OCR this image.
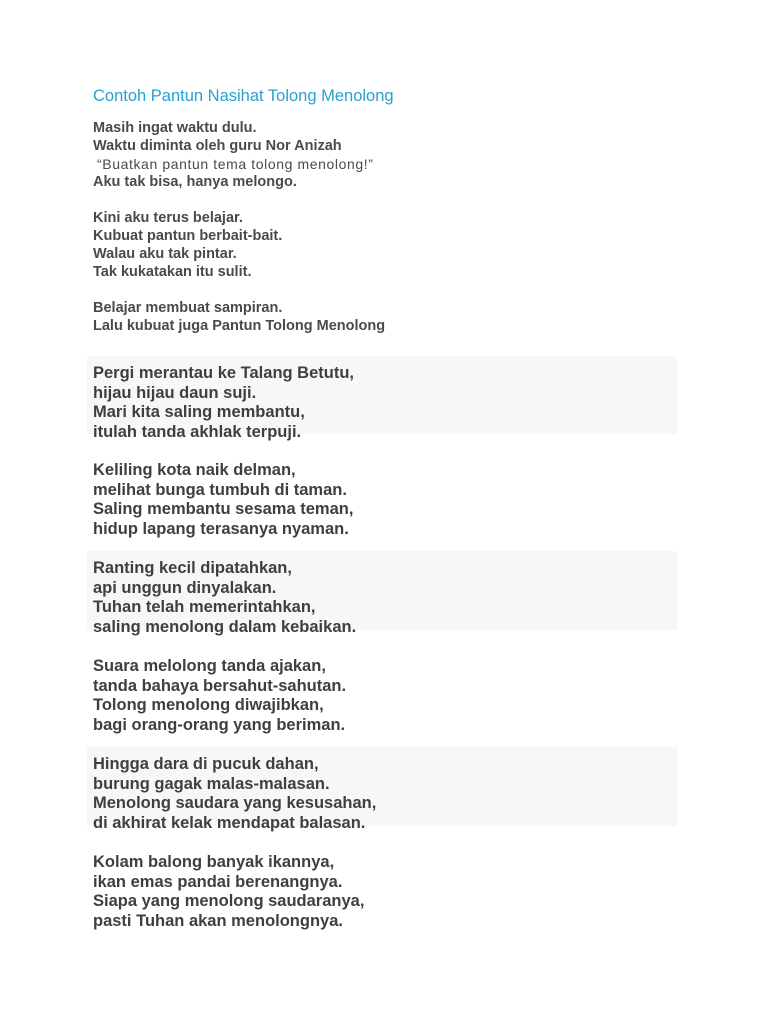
Contoh Pantun Nasihat Tolong Menolong
Masih ingat waktu dulu.
Waktu diminta oleh guru Nor Anizah
“Buatkan pantun tema tolong menolong!”
Aku tak bisa, hanya melongo.
Kini aku terus belajar.
Kubuat pantun berbait-bait.
Walau aku tak pintar.
Tak kukatakan itu sulit.
Belajar membuat sampiran.
Lalu kubuat juga Pantun Tolong Menolong
Pergi merantau ke Talang Betutu,
hijau hijau daun suji.
Mari kita saling membantu,
itulah tanda akhlak terpuji.
Keliling kota naik delman,
melihat bunga tumbuh di taman.
Saling membantu sesama teman,
hidup lapang terasanya nyaman.
Ranting kecil dipatahkan,
api unggun dinyalakan.
Tuhan telah memerintahkan,
saling menolong dalam kebaikan.
Suara melolong tanda ajakan,
tanda bahaya bersahut-sahutan.
Tolong menolong diwajibkan,
bagi orang-orang yang beriman.
Hingga dara di pucuk dahan,
burung gagak malas-malasan.
Menolong saudara yang kesusahan,
di akhirat kelak mendapat balasan.
Kolam balong banyak ikannya,
ikan emas pandai berenangnya.
Siapa yang menolong saudaranya,
pasti Tuhan akan menolongnya.
